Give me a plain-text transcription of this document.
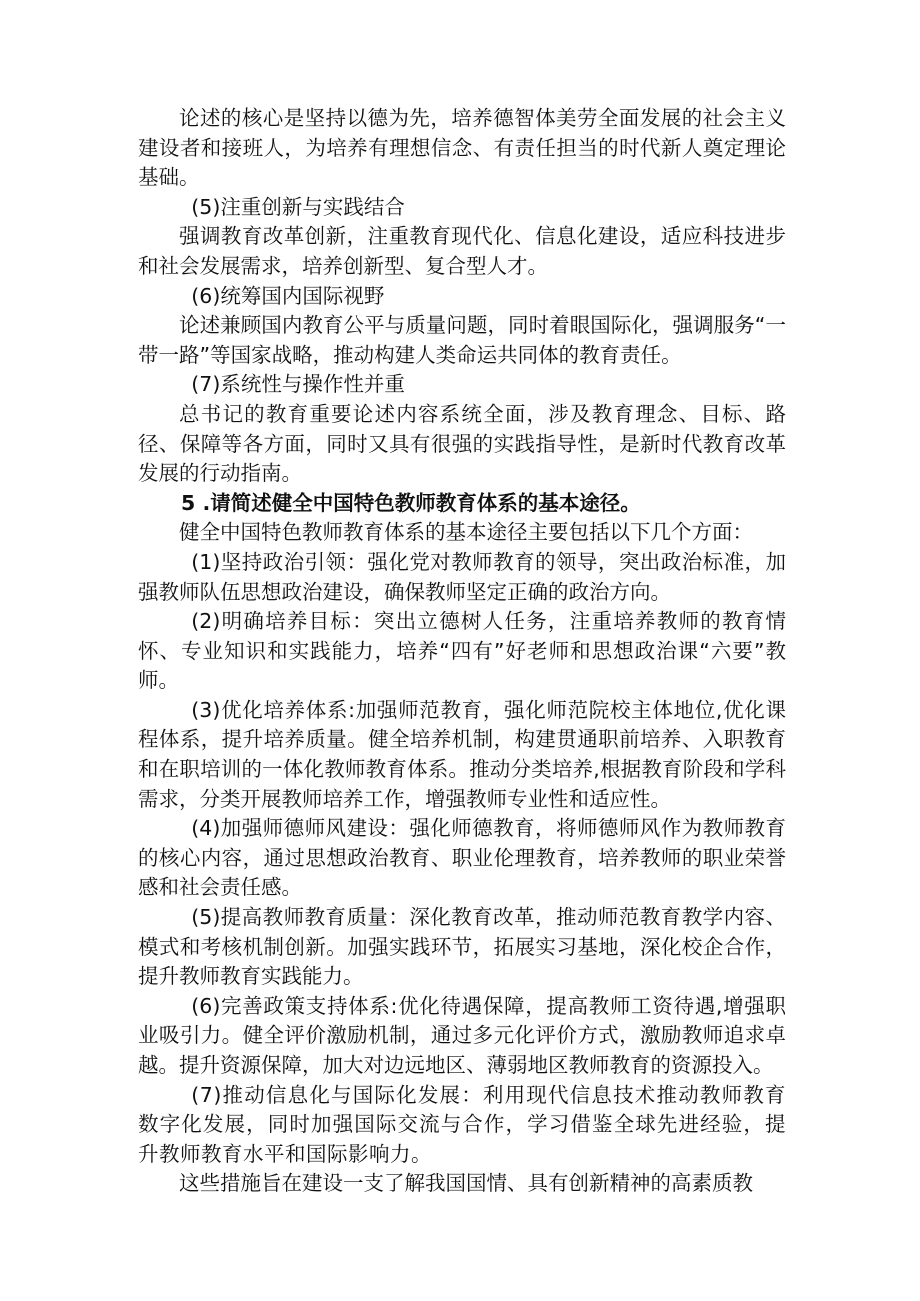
论述的核心是坚持以德为先，培养德智体美劳全面发展的社会主义建设者和接班人，为培养有理想信念、有责任担当的时代新人奠定理论基础。

(5)注重创新与实践结合

强调教育改革创新，注重教育现代化、信息化建设，适应科技进步和社会发展需求，培养创新型、复合型人才。

(6)统筹国内国际视野

论述兼顾国内教育公平与质量问题，同时着眼国际化，强调服务“一带一路”等国家战略，推动构建人类命运共同体的教育责任。

(7)系统性与操作性并重

总书记的教育重要论述内容系统全面，涉及教育理念、目标、路径、保障等各方面，同时又具有很强的实践指导性，是新时代教育改革发展的行动指南。

5 .请简述健全中国特色教师教育体系的基本途径。

健全中国特色教师教育体系的基本途径主要包括以下几个方面：

(1)坚持政治引领：强化党对教师教育的领导，突出政治标准，加强教师队伍思想政治建设，确保教师坚定正确的政治方向。

(2)明确培养目标：突出立德树人任务，注重培养教师的教育情怀、专业知识和实践能力，培养“四有”好老师和思想政治课“六要”教师。

(3)优化培养体系:加强师范教育，强化师范院校主体地位,优化课程体系，提升培养质量。健全培养机制，构建贯通职前培养、入职教育和在职培训的一体化教师教育体系。推动分类培养,根据教育阶段和学科需求，分类开展教师培养工作，增强教师专业性和适应性。

(4)加强师德师风建设：强化师德教育，将师德师风作为教师教育的核心内容，通过思想政治教育、职业伦理教育，培养教师的职业荣誉感和社会责任感。

(5)提高教师教育质量：深化教育改革，推动师范教育教学内容、模式和考核机制创新。加强实践环节，拓展实习基地，深化校企合作，提升教师教育实践能力。

(6)完善政策支持体系:优化待遇保障，提高教师工资待遇,增强职业吸引力。健全评价激励机制，通过多元化评价方式，激励教师追求卓越。提升资源保障，加大对边远地区、薄弱地区教师教育的资源投入。

(7)推动信息化与国际化发展：利用现代信息技术推动教师教育数字化发展，同时加强国际交流与合作，学习借鉴全球先进经验，提升教师教育水平和国际影响力。

这些措施旨在建设一支了解我国国情、具有创新精神的高素质教
